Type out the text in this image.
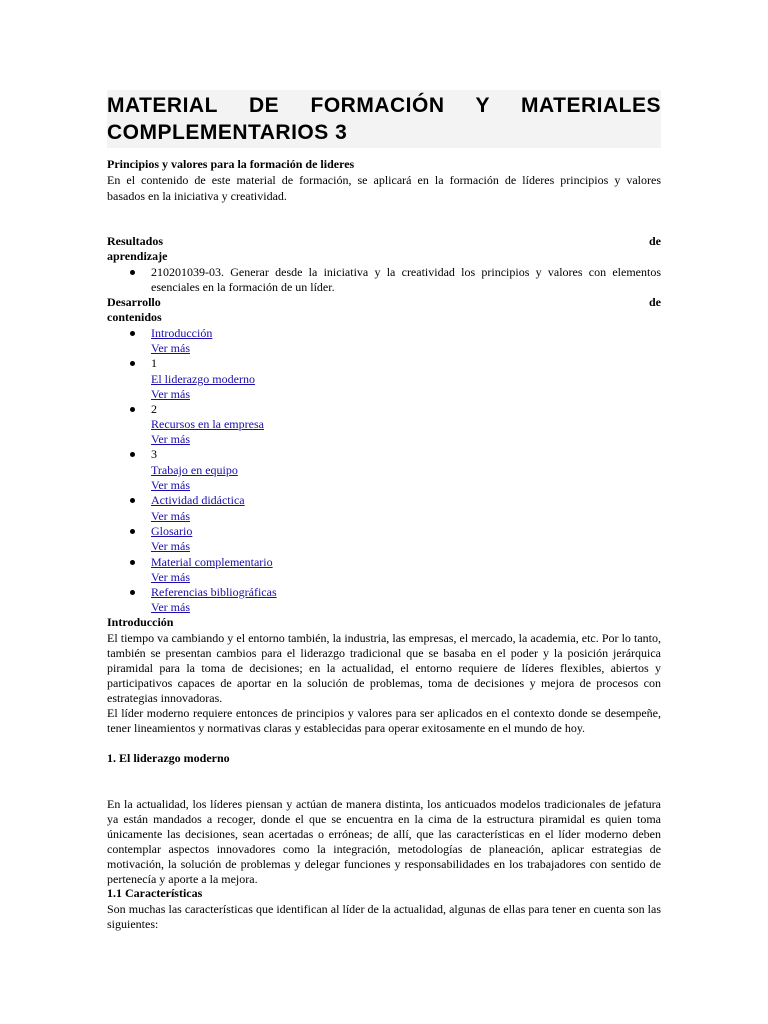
MATERIAL DE FORMACIÓN Y MATERIALES
COMPLEMENTARIOS 3
Principios y valores para la formación de lideres
En el contenido de este material de formación, se aplicará en la formación de líderes principios y valores
basados en la iniciativa y creatividad.
Resultados	de
aprendizaje
210201039-03. Generar desde la iniciativa y la creatividad los principios y valores con elementos
esenciales en la formación de un líder.
Desarrollo	de
contenidos
Introducción
Ver más
1
El liderazgo moderno
Ver más
2
Recursos en la empresa
Ver más
3
Trabajo en equipo
Ver más
Actividad didáctica
Ver más
Glosario
Ver más
Material complementario
Ver más
Referencias bibliográficas
Ver más
Introducción
El tiempo va cambiando y el entorno también, la industria, las empresas, el mercado, la academia, etc. Por lo tanto, también se presentan cambios para el liderazgo tradicional que se basaba en el poder y la posición jerárquica piramidal para la toma de decisiones; en la actualidad, el entorno requiere de líderes flexibles, abiertos y participativos capaces de aportar en la solución de problemas, toma de decisiones y mejora de procesos con estrategias innovadoras.
El líder moderno requiere entonces de principios y valores para ser aplicados en el contexto donde se desempeñe, tener lineamientos y normativas claras y establecidas para operar exitosamente en el mundo de hoy.
1. El liderazgo moderno
En la actualidad, los líderes piensan y actúan de manera distinta, los anticuados modelos tradicionales de jefatura ya están mandados a recoger, donde el que se encuentra en la cima de la estructura piramidal es quien toma únicamente las decisiones, sean acertadas o erróneas; de allí, que las características en el líder moderno deben contemplar aspectos innovadores como la integración, metodologías de planeación, aplicar estrategias de motivación, la solución de problemas y delegar funciones y responsabilidades en los trabajadores con sentido de pertenecía y aporte a la mejora.
1.1 Características
Son muchas las características que identifican al líder de la actualidad, algunas de ellas para tener en cuenta son las siguientes:
